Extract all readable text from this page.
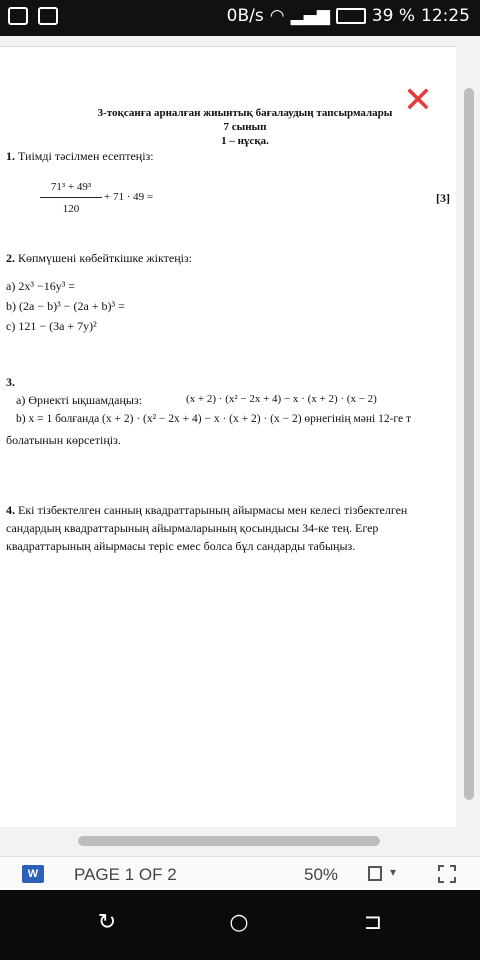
0B/s ◠ ▂▄▆ 39 % 12:25
✕
3-тоқсанға арналған жиынтық бағалаудың тапсырмалары
7 сынып
1 – нұсқа.
1. Тиімді тәсілмен есептеңіз:
$\frac{\text{71³ + 49³}}{120} + 71 \cdot 49$ =	[3]
2. Көпмүшені көбейткішке жіктеңіз:
a) 2x³ −16y³ =
b) (2a − b)³ − (2a + b)³ =
c) 121 − (3a + 7y)²
3.
a) Өрнекті ықшамдаңыз:	(x + 2) · (x² − 2x + 4) − x · (x + 2) · (x − 2)
b) x = 1 болғанда (x + 2) · (x² − 2x + 4) − x · (x + 2) · (x − 2) өрнегінің мәні 12-ге т
болатынын көрсетіңіз.
4. Екі тізбектелген санның квадраттарының айырмасы мен келесі тізбектелген
сандардың квадраттарының айырмаларының қосындысы 34-ке тең. Егер
квадраттарының айырмасы теріс емес болса бұл сандарды табыңыз.
W	PAGE 1 OF 2	50%	▾
↻	○	⊐
